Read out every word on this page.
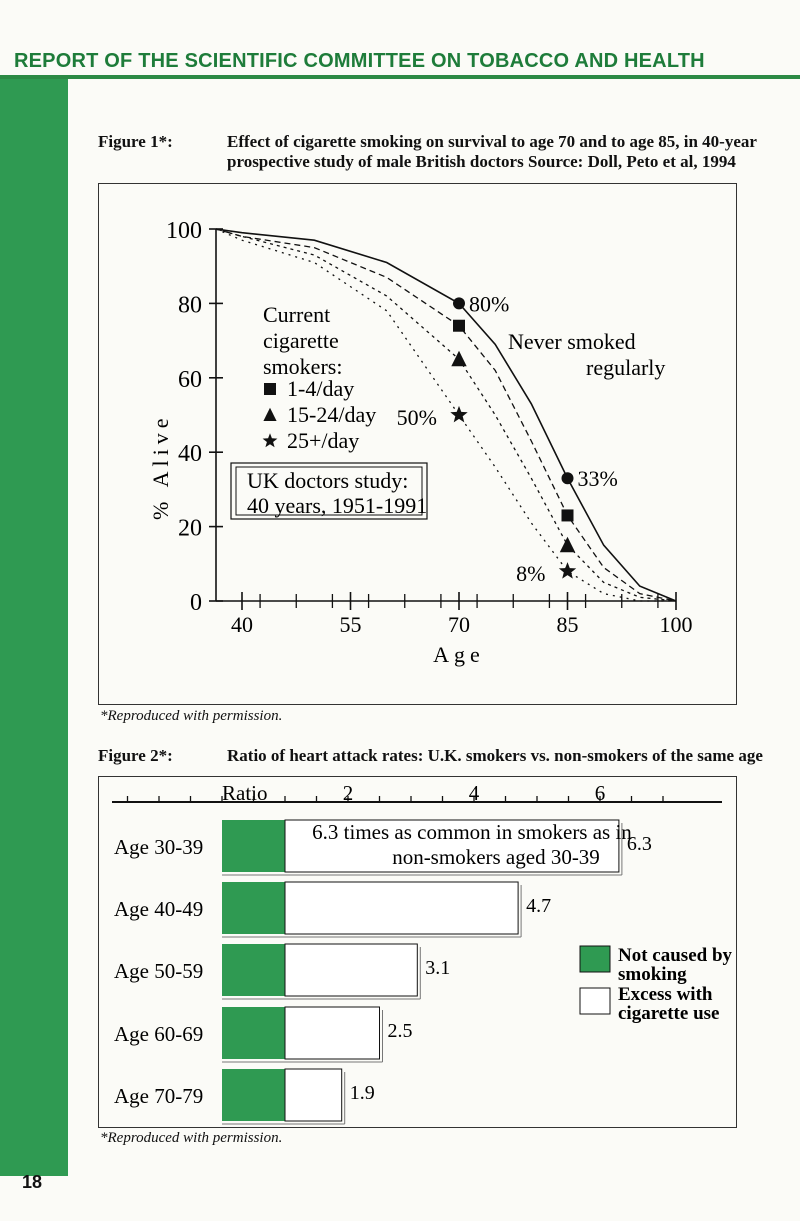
REPORT OF THE SCIENTIFIC COMMITTEE ON TOBACCO AND HEALTH
18
Figure 1*:	Effect of cigarette smoking on survival to age 70 and to age 85, in 40-year
prospective study of male British doctors Source: Doll, Peto et al, 1994
0
20
40
60
80
100
40	55	70	85	100
Age
% Alive
80%
50%
33%
8%
Never smoked
regularly
Current
cigarette
smokers:
1-4/day
15-24/day
25+/day
UK doctors study:
40 years, 1951-1991
*Reproduced with permission.
Figure 2*:	Ratio of heart attack rates: U.K. smokers vs. non-smokers of the same age
Ratio	2	4	6
Age 30-39	6.3
Age 40-49	4.7
Age 50-59	3.1
Age 60-69	2.5
Age 70-79	1.9
6.3 times as common in smokers as in
non-smokers aged 30-39
Not caused by
smoking
Excess with
cigarette use
*Reproduced with permission.
